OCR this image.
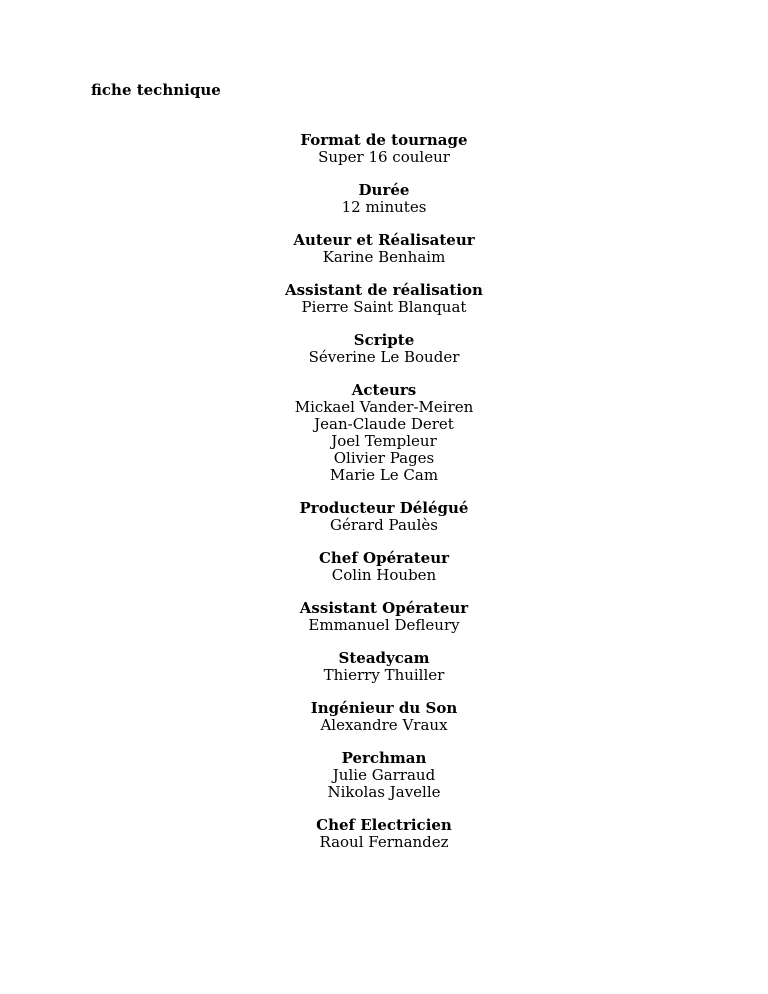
fiche technique

Format de tournage

Super 16 couleur

Durée

12 minutes

Auteur et Réalisateur

Karine Benhaim

Assistant de réalisation

Pierre Saint Blanquat

Scripte

Séverine Le Bouder

Acteurs

Mickael Vander-Meiren

Jean-Claude Deret

Joel Templeur

Olivier Pages

Marie Le Cam

Producteur Délégué

Gérard Paulès

Chef Opérateur

Colin Houben

Assistant Opérateur

Emmanuel Defleury

Steadycam

Thierry Thuiller

Ingénieur du Son

Alexandre Vraux

Perchman

Julie Garraud

Nikolas Javelle

Chef Electricien

Raoul Fernandez
